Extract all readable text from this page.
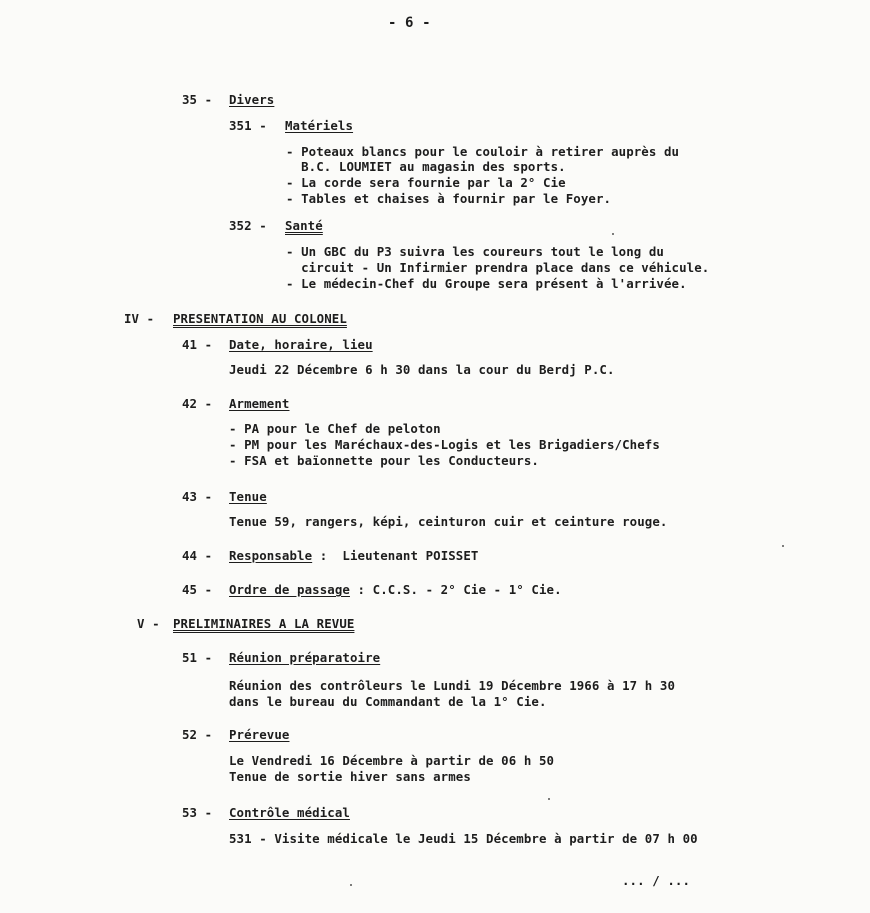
- 6 -
35 - Divers
351 - Matériels
- Poteaux blancs pour le couloir à retirer auprès du
B.C. LOUMIET au magasin des sports.
- La corde sera fournie par la 2° Cie
- Tables et chaises à fournir par le Foyer.
352 - Santé
- Un GBC du P3 suivra les coureurs tout le long du
circuit - Un Infirmier prendra place dans ce véhicule.
- Le médecin-Chef du Groupe sera présent à l'arrivée.
IV - PRESENTATION AU COLONEL
41 - Date, horaire, lieu
Jeudi 22 Décembre 6 h 30 dans la cour du Berdj P.C.
42 - Armement
- PA pour le Chef de peloton
- PM pour les Maréchaux-des-Logis et les Brigadiers/Chefs
- FSA et baïonnette pour les Conducteurs.
43 - Tenue
Tenue 59, rangers, képi, ceinturon cuir et ceinture rouge.
44 - Responsable :  Lieutenant POISSET
45 - Ordre de passage : C.C.S. - 2° Cie - 1° Cie.
V - PRELIMINAIRES A LA REVUE
51 - Réunion préparatoire
Réunion des contrôleurs le Lundi 19 Décembre 1966 à 17 h 30
dans le bureau du Commandant de la 1° Cie.
52 - Prérevue
Le Vendredi 16 Décembre à partir de 06 h 50
Tenue de sortie hiver sans armes
53 - Contrôle médical
531 - Visite médicale le Jeudi 15 Décembre à partir de 07 h 00
... / ...
